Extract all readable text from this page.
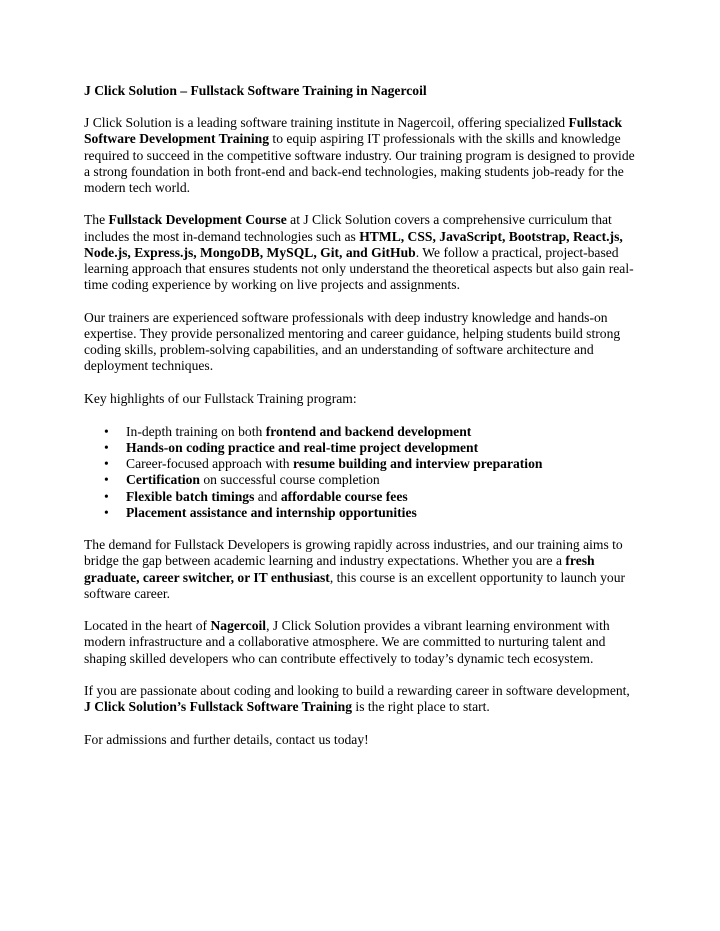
J Click Solution – Fullstack Software Training in Nagercoil

J Click Solution is a leading software training institute in Nagercoil, offering specialized Fullstack Software Development Training to equip aspiring IT professionals with the skills and knowledge required to succeed in the competitive software industry. Our training program is designed to provide a strong foundation in both front-end and back-end technologies, making students job-ready for the modern tech world.

The Fullstack Development Course at J Click Solution covers a comprehensive curriculum that includes the most in-demand technologies such as HTML, CSS, JavaScript, Bootstrap, React.js, Node.js, Express.js, MongoDB, MySQL, Git, and GitHub. We follow a practical, project-based learning approach that ensures students not only understand the theoretical aspects but also gain real-time coding experience by working on live projects and assignments.

Our trainers are experienced software professionals with deep industry knowledge and hands-on expertise. They provide personalized mentoring and career guidance, helping students build strong coding skills, problem-solving capabilities, and an understanding of software architecture and deployment techniques.

Key highlights of our Fullstack Training program:

• In-depth training on both frontend and backend development
• Hands-on coding practice and real-time project development
• Career-focused approach with resume building and interview preparation
• Certification on successful course completion
• Flexible batch timings and affordable course fees
• Placement assistance and internship opportunities

The demand for Fullstack Developers is growing rapidly across industries, and our training aims to bridge the gap between academic learning and industry expectations. Whether you are a fresh graduate, career switcher, or IT enthusiast, this course is an excellent opportunity to launch your software career.

Located in the heart of Nagercoil, J Click Solution provides a vibrant learning environment with modern infrastructure and a collaborative atmosphere. We are committed to nurturing talent and shaping skilled developers who can contribute effectively to today’s dynamic tech ecosystem.

If you are passionate about coding and looking to build a rewarding career in software development, J Click Solution’s Fullstack Software Training is the right place to start.

For admissions and further details, contact us today!
